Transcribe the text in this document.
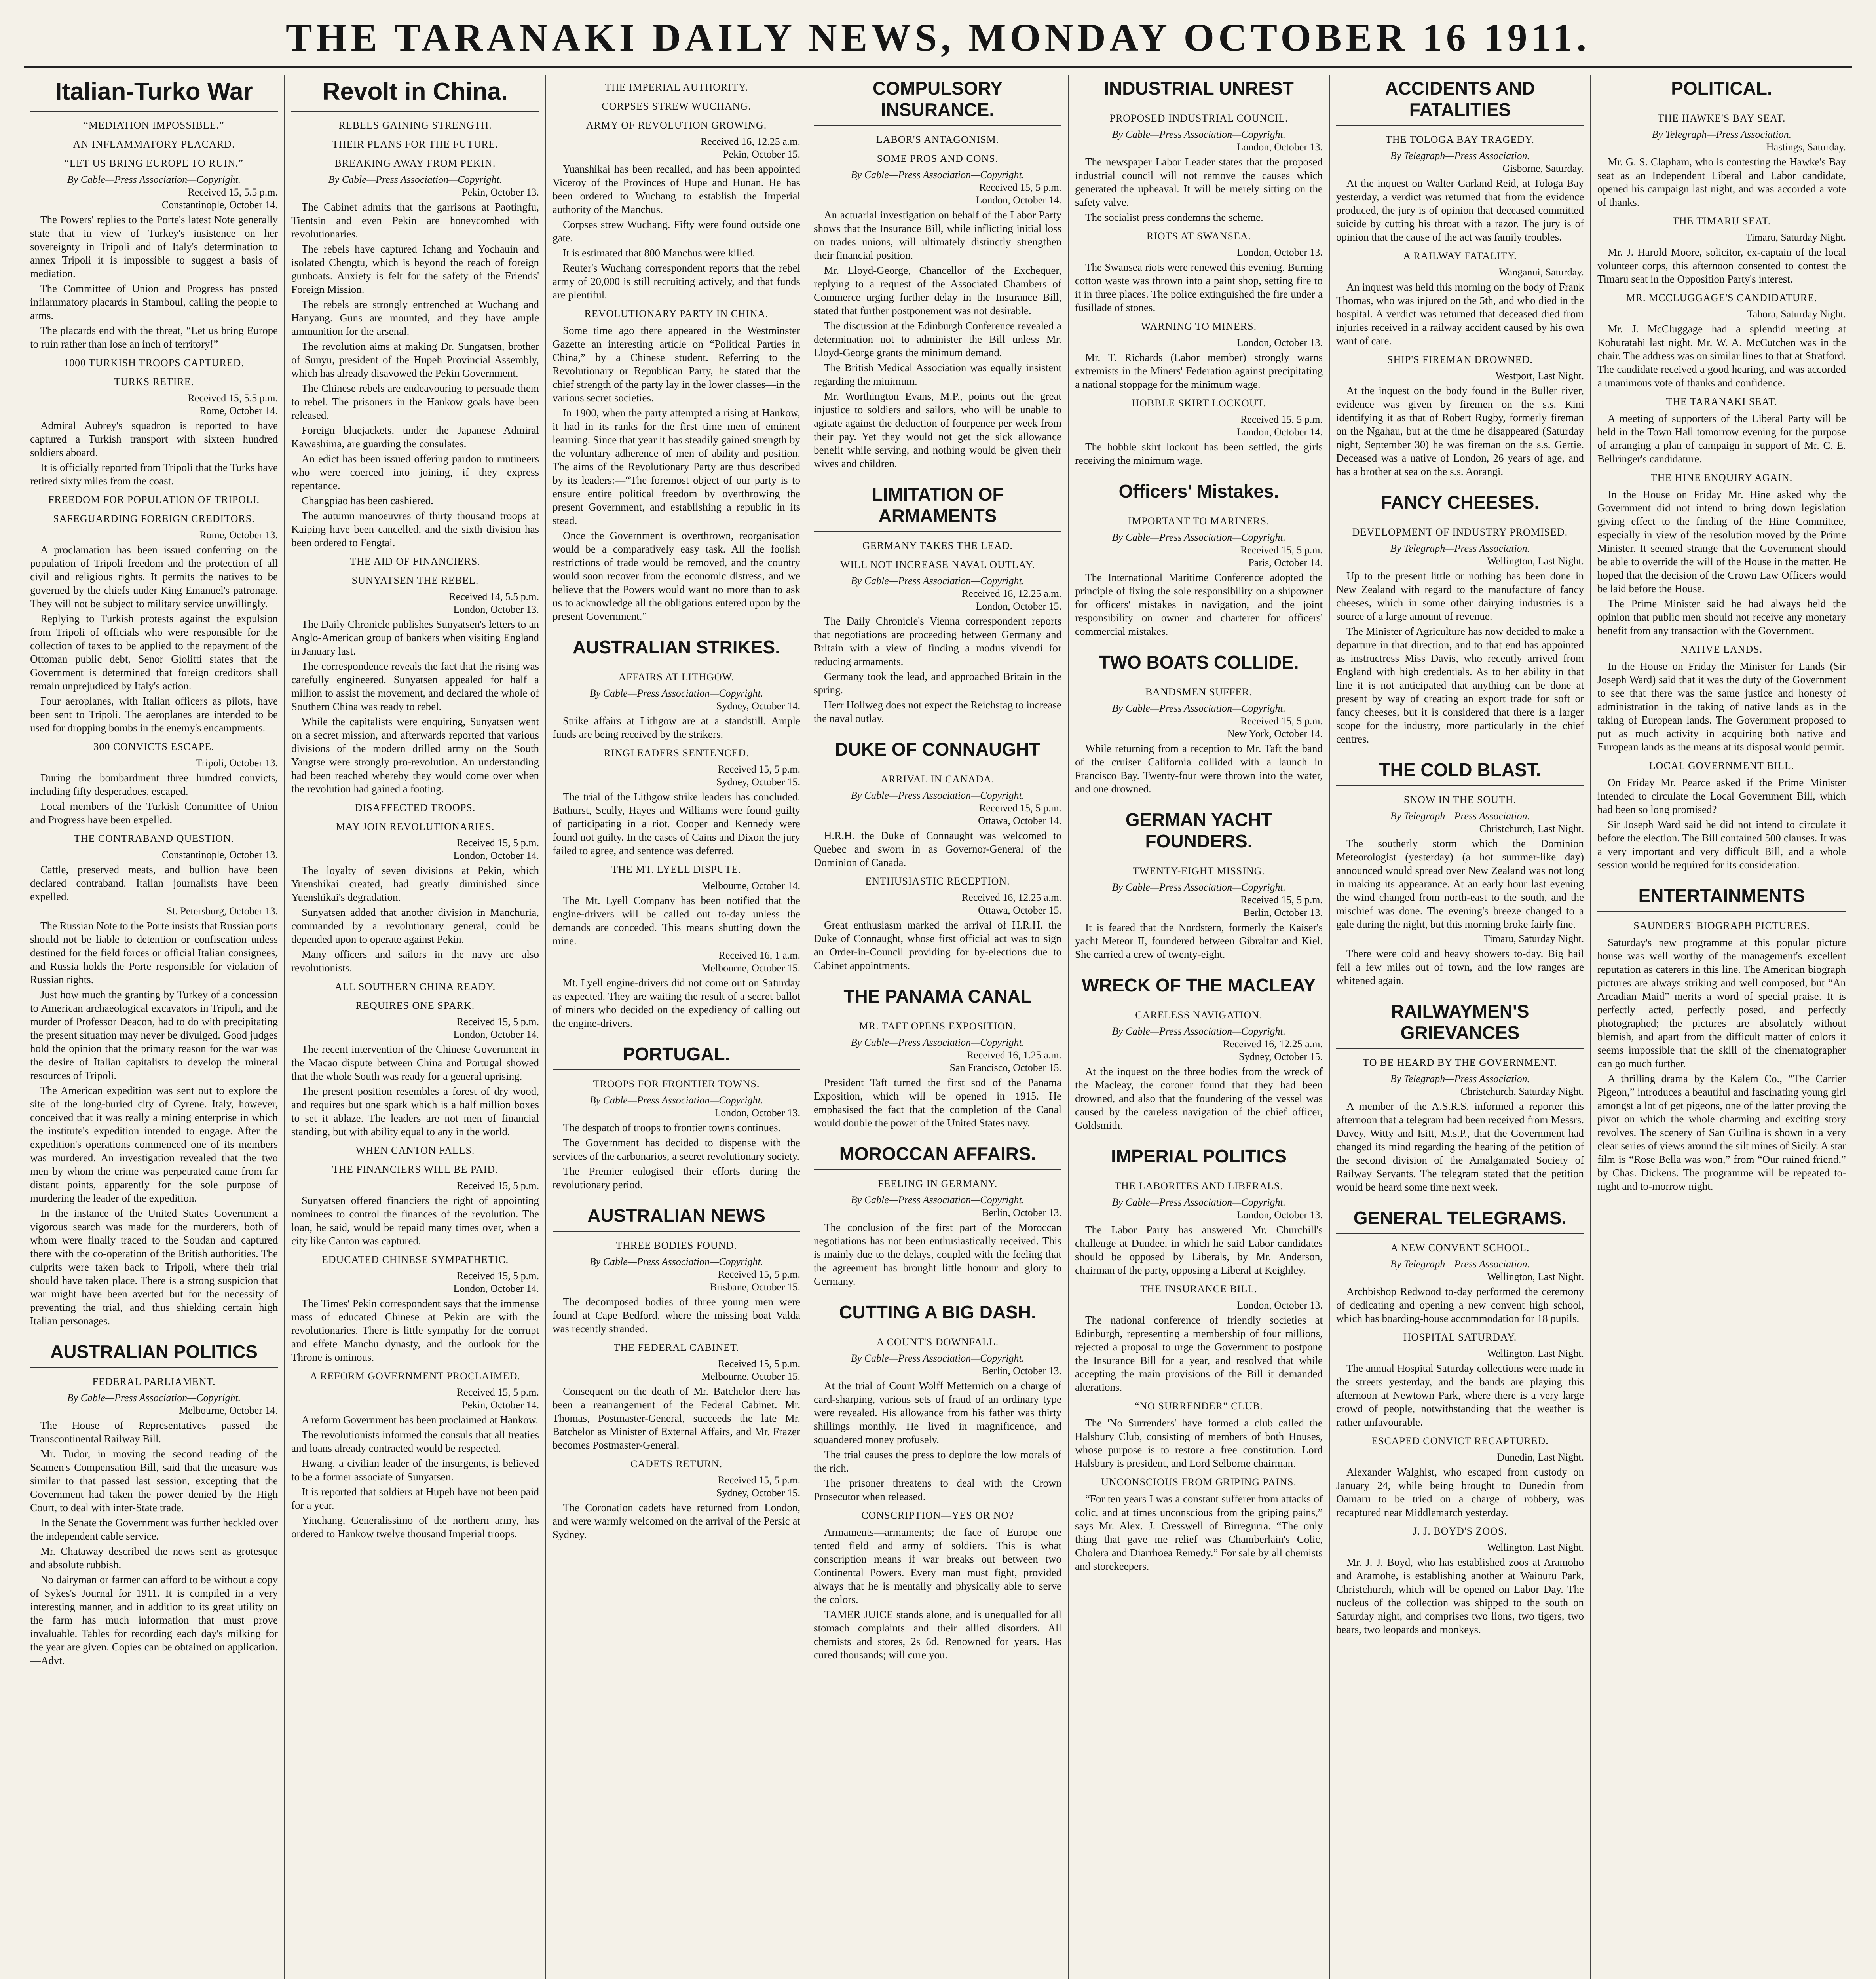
THE TARANAKI DAILY NEWS, MONDAY OCTOBER 16 1911.
Italian-Turko War
“MEDIATION IMPOSSIBLE.”
AN INFLAMMATORY PLACARD.
“LET US BRING EUROPE TO RUIN.”
By Cable—Press Association—Copyright.
Received 15, 5.5 p.m.
Constantinople, October 14.
The Powers' replies to the Porte's latest Note generally state that in view of Turkey's insistence on her sovereignty in Tripoli and of Italy's determination to annex Tripoli it is impossible to suggest a basis of mediation.
The Committee of Union and Progress has posted inflammatory placards in Stamboul, calling the people to arms.
The placards end with the threat, “Let us bring Europe to ruin rather than lose an inch of territory!”
1000 TURKISH TROOPS CAPTURED.
TURKS RETIRE.
Received 15, 5.5 p.m.
Rome, October 14.
Admiral Aubrey's squadron is reported to have captured a Turkish transport with sixteen hundred soldiers aboard.
It is officially reported from Tripoli that the Turks have retired sixty miles from the coast.
FREEDOM FOR POPULATION OF TRIPOLI.
SAFEGUARDING FOREIGN CREDITORS.
Rome, October 13.
A proclamation has been issued conferring on the population of Tripoli freedom and the protection of all civil and religious rights. It permits the natives to be governed by the chiefs under King Emanuel's patronage. They will not be subject to military service unwillingly.
Replying to Turkish protests against the expulsion from Tripoli of officials who were responsible for the collection of taxes to be applied to the repayment of the Ottoman public debt, Senor Giolitti states that the Government is determined that foreign creditors shall remain unprejudiced by Italy's action.
Four aeroplanes, with Italian officers as pilots, have been sent to Tripoli. The aeroplanes are intended to be used for dropping bombs in the enemy's encampments.
300 CONVICTS ESCAPE.
Tripoli, October 13.
During the bombardment three hundred convicts, including fifty desperadoes, escaped.
Local members of the Turkish Committee of Union and Progress have been expelled.
THE CONTRABAND QUESTION.
Constantinople, October 13.
Cattle, preserved meats, and bullion have been declared contraband. Italian journalists have been expelled.
St. Petersburg, October 13.
The Russian Note to the Porte insists that Russian ports should not be liable to detention or confiscation unless destined for the field forces or official Italian consignees, and Russia holds the Porte responsible for violation of Russian rights.
Just how much the granting by Turkey of a concession to American archaeological excavators in Tripoli, and the murder of Professor Deacon, had to do with precipitating the present situation may never be divulged. Good judges hold the opinion that the primary reason for the war was the desire of Italian capitalists to develop the mineral resources of Tripoli.
The American expedition was sent out to explore the site of the long-buried city of Cyrene. Italy, however, conceived that it was really a mining enterprise in which the institute's expedition intended to engage. After the expedition's operations commenced one of its members was murdered. An investigation revealed that the two men by whom the crime was perpetrated came from far distant points, apparently for the sole purpose of murdering the leader of the expedition.
In the instance of the United States Government a vigorous search was made for the murderers, both of whom were finally traced to the Soudan and captured there with the co-operation of the British authorities. The culprits were taken back to Tripoli, where their trial should have taken place. There is a strong suspicion that war might have been averted but for the necessity of preventing the trial, and thus shielding certain high Italian personages.
AUSTRALIAN POLITICS
FEDERAL PARLIAMENT.
By Cable—Press Association—Copyright.
Melbourne, October 14.
The House of Representatives passed the Transcontinental Railway Bill.
Mr. Tudor, in moving the second reading of the Seamen's Compensation Bill, said that the measure was similar to that passed last session, excepting that the Government had taken the power denied by the High Court, to deal with inter-State trade.
In the Senate the Government was further heckled over the independent cable service.
Mr. Chataway described the news sent as grotesque and absolute rubbish.
No dairyman or farmer can afford to be without a copy of Sykes's Journal for 1911. It is compiled in a very interesting manner, and in addition to its great utility on the farm has much information that must prove invaluable. Tables for recording each day's milking for the year are given. Copies can be obtained on application.—Advt.
Revolt in China.
REBELS GAINING STRENGTH.
THEIR PLANS FOR THE FUTURE.
BREAKING AWAY FROM PEKIN.
By Cable—Press Association—Copyright.
Pekin, October 13.
The Cabinet admits that the garrisons at Paotingfu, Tientsin and even Pekin are honeycombed with revolutionaries.
The rebels have captured Ichang and Yochauin and isolated Chengtu, which is beyond the reach of foreign gunboats. Anxiety is felt for the safety of the Friends' Foreign Mission.
The rebels are strongly entrenched at Wuchang and Hanyang. Guns are mounted, and they have ample ammunition for the arsenal.
The revolution aims at making Dr. Sungatsen, brother of Sunyu, president of the Hupeh Provincial Assembly, which has already disavowed the Pekin Government.
The Chinese rebels are endeavouring to persuade them to rebel. The prisoners in the Hankow goals have been released.
Foreign bluejackets, under the Japanese Admiral Kawashima, are guarding the consulates.
An edict has been issued offering pardon to mutineers who were coerced into joining, if they express repentance.
Changpiao has been cashiered.
The autumn manoeuvres of thirty thousand troops at Kaiping have been cancelled, and the sixth division has been ordered to Fengtai.
THE AID OF FINANCIERS.
SUNYATSEN THE REBEL.
Received 14, 5.5 p.m.
London, October 13.
The Daily Chronicle publishes Sunyatsen's letters to an Anglo-American group of bankers when visiting England in January last.
The correspondence reveals the fact that the rising was carefully engineered. Sunyatsen appealed for half a million to assist the movement, and declared the whole of Southern China was ready to rebel.
While the capitalists were enquiring, Sunyatsen went on a secret mission, and afterwards reported that various divisions of the modern drilled army on the South Yangtse were strongly pro-revolution. An understanding had been reached whereby they would come over when the revolution had gained a footing.
DISAFFECTED TROOPS.
MAY JOIN REVOLUTIONARIES.
Received 15, 5 p.m.
London, October 14.
The loyalty of seven divisions at Pekin, which Yuenshikai created, had greatly diminished since Yuenshikai's degradation.
Sunyatsen added that another division in Manchuria, commanded by a revolutionary general, could be depended upon to operate against Pekin.
Many officers and sailors in the navy are also revolutionists.
ALL SOUTHERN CHINA READY.
REQUIRES ONE SPARK.
Received 15, 5 p.m.
London, October 14.
The recent intervention of the Chinese Government in the Macao dispute between China and Portugal showed that the whole South was ready for a general uprising.
The present position resembles a forest of dry wood, and requires but one spark which is a half million boxes to set it ablaze. The leaders are not men of financial standing, but with ability equal to any in the world.
WHEN CANTON FALLS.
THE FINANCIERS WILL BE PAID.
Received 15, 5 p.m.
Sunyatsen offered financiers the right of appointing nominees to control the finances of the revolution. The loan, he said, would be repaid many times over, when a city like Canton was captured.
EDUCATED CHINESE SYMPATHETIC.
Received 15, 5 p.m.
London, October 14.
The Times' Pekin correspondent says that the immense mass of educated Chinese at Pekin are with the revolutionaries. There is little sympathy for the corrupt and effete Manchu dynasty, and the outlook for the Throne is ominous.
A REFORM GOVERNMENT PROCLAIMED.
Received 15, 5 p.m.
Pekin, October 14.
A reform Government has been proclaimed at Hankow.
The revolutionists informed the consuls that all treaties and loans already contracted would be respected.
Hwang, a civilian leader of the insurgents, is believed to be a former associate of Sunyatsen.
It is reported that soldiers at Hupeh have not been paid for a year.
Yinchang, Generalissimo of the northern army, has ordered to Hankow twelve thousand Imperial troops.
THE IMPERIAL AUTHORITY.
CORPSES STREW WUCHANG.
ARMY OF REVOLUTION GROWING.
Received 16, 12.25 a.m.
Pekin, October 15.
Yuanshikai has been recalled, and has been appointed Viceroy of the Provinces of Hupe and Hunan. He has been ordered to Wuchang to establish the Imperial authority of the Manchus.
Corpses strew Wuchang. Fifty were found outside one gate.
It is estimated that 800 Manchus were killed.
Reuter's Wuchang correspondent reports that the rebel army of 20,000 is still recruiting actively, and that funds are plentiful.
REVOLUTIONARY PARTY IN CHINA.
Some time ago there appeared in the Westminster Gazette an interesting article on “Political Parties in China,” by a Chinese student. Referring to the Revolutionary or Republican Party, he stated that the chief strength of the party lay in the lower classes—in the various secret societies.
In 1900, when the party attempted a rising at Hankow, it had in its ranks for the first time men of eminent learning. Since that year it has steadily gained strength by the voluntary adherence of men of ability and position. The aims of the Revolutionary Party are thus described by its leaders:—“The foremost object of our party is to ensure entire political freedom by overthrowing the present Government, and establishing a republic in its stead.
Once the Government is overthrown, reorganisation would be a comparatively easy task. All the foolish restrictions of trade would be removed, and the country would soon recover from the economic distress, and we believe that the Powers would want no more than to ask us to acknowledge all the obligations entered upon by the present Government.”
AUSTRALIAN STRIKES.
AFFAIRS AT LITHGOW.
By Cable—Press Association—Copyright.
Sydney, October 14.
Strike affairs at Lithgow are at a standstill. Ample funds are being received by the strikers.
RINGLEADERS SENTENCED.
Received 15, 5 p.m.
Sydney, October 15.
The trial of the Lithgow strike leaders has concluded. Bathurst, Scully, Hayes and Williams were found guilty of participating in a riot. Cooper and Kennedy were found not guilty. In the cases of Cains and Dixon the jury failed to agree, and sentence was deferred.
THE MT. LYELL DISPUTE.
Melbourne, October 14.
The Mt. Lyell Company has been notified that the engine-drivers will be called out to-day unless the demands are conceded. This means shutting down the mine.
Received 16, 1 a.m.
Melbourne, October 15.
Mt. Lyell engine-drivers did not come out on Saturday as expected. They are waiting the result of a secret ballot of miners who decided on the expediency of calling out the engine-drivers.
PORTUGAL.
TROOPS FOR FRONTIER TOWNS.
By Cable—Press Association—Copyright.
London, October 13.
The despatch of troops to frontier towns continues.
The Government has decided to dispense with the services of the carbonarios, a secret revolutionary society.
The Premier eulogised their efforts during the revolutionary period.
AUSTRALIAN NEWS
THREE BODIES FOUND.
By Cable—Press Association—Copyright.
Received 15, 5 p.m.
Brisbane, October 15.
The decomposed bodies of three young men were found at Cape Bedford, where the missing boat Valda was recently stranded.
THE FEDERAL CABINET.
Received 15, 5 p.m.
Melbourne, October 15.
Consequent on the death of Mr. Batchelor there has been a rearrangement of the Federal Cabinet. Mr. Thomas, Postmaster-General, succeeds the late Mr. Batchelor as Minister of External Affairs, and Mr. Frazer becomes Postmaster-General.
CADETS RETURN.
Received 15, 5 p.m.
Sydney, October 15.
The Coronation cadets have returned from London, and were warmly welcomed on the arrival of the Persic at Sydney.
COMPULSORY INSURANCE.
LABOR'S ANTAGONISM.
SOME PROS AND CONS.
By Cable—Press Association—Copyright.
Received 15, 5 p.m.
London, October 14.
An actuarial investigation on behalf of the Labor Party shows that the Insurance Bill, while inflicting initial loss on trades unions, will ultimately distinctly strengthen their financial position.
Mr. Lloyd-George, Chancellor of the Exchequer, replying to a request of the Associated Chambers of Commerce urging further delay in the Insurance Bill, stated that further postponement was not desirable.
The discussion at the Edinburgh Conference revealed a determination not to administer the Bill unless Mr. Lloyd-George grants the minimum demand.
The British Medical Association was equally insistent regarding the minimum.
Mr. Worthington Evans, M.P., points out the great injustice to soldiers and sailors, who will be unable to agitate against the deduction of fourpence per week from their pay. Yet they would not get the sick allowance benefit while serving, and nothing would be given their wives and children.
LIMITATION OF ARMAMENTS
GERMANY TAKES THE LEAD.
WILL NOT INCREASE NAVAL OUTLAY.
By Cable—Press Association—Copyright.
Received 16, 12.25 a.m.
London, October 15.
The Daily Chronicle's Vienna correspondent reports that negotiations are proceeding between Germany and Britain with a view of finding a modus vivendi for reducing armaments.
Germany took the lead, and approached Britain in the spring.
Herr Hollweg does not expect the Reichstag to increase the naval outlay.
DUKE OF CONNAUGHT
ARRIVAL IN CANADA.
By Cable—Press Association—Copyright.
Received 15, 5 p.m.
Ottawa, October 14.
H.R.H. the Duke of Connaught was welcomed to Quebec and sworn in as Governor-General of the Dominion of Canada.
ENTHUSIASTIC RECEPTION.
Received 16, 12.25 a.m.
Ottawa, October 15.
Great enthusiasm marked the arrival of H.R.H. the Duke of Connaught, whose first official act was to sign an Order-in-Council providing for by-elections due to Cabinet appointments.
THE PANAMA CANAL
MR. TAFT OPENS EXPOSITION.
By Cable—Press Association—Copyright.
Received 16, 1.25 a.m.
San Francisco, October 15.
President Taft turned the first sod of the Panama Exposition, which will be opened in 1915. He emphasised the fact that the completion of the Canal would double the power of the United States navy.
MOROCCAN AFFAIRS.
FEELING IN GERMANY.
By Cable—Press Association—Copyright.
Berlin, October 13.
The conclusion of the first part of the Moroccan negotiations has not been enthusiastically received. This is mainly due to the delays, coupled with the feeling that the agreement has brought little honour and glory to Germany.
CUTTING A BIG DASH.
A COUNT'S DOWNFALL.
By Cable—Press Association—Copyright.
Berlin, October 13.
At the trial of Count Wolff Metternich on a charge of card-sharping, various sets of fraud of an ordinary type were revealed. His allowance from his father was thirty shillings monthly. He lived in magnificence, and squandered money profusely.
The trial causes the press to deplore the low morals of the rich.
The prisoner threatens to deal with the Crown Prosecutor when released.
CONSCRIPTION—YES OR NO?
Armaments—armaments; the face of Europe one tented field and army of soldiers. This is what conscription means if war breaks out between two Continental Powers. Every man must fight, provided always that he is mentally and physically able to serve the colors.
TAMER JUICE stands alone, and is unequalled for all stomach complaints and their allied disorders. All chemists and stores, 2s 6d. Renowned for years. Has cured thousands; will cure you.
INDUSTRIAL UNREST
PROPOSED INDUSTRIAL COUNCIL.
By Cable—Press Association—Copyright.
London, October 13.
The newspaper Labor Leader states that the proposed industrial council will not remove the causes which generated the upheaval. It will be merely sitting on the safety valve.
The socialist press condemns the scheme.
RIOTS AT SWANSEA.
London, October 13.
The Swansea riots were renewed this evening. Burning cotton waste was thrown into a paint shop, setting fire to it in three places. The police extinguished the fire under a fusillade of stones.
WARNING TO MINERS.
London, October 13.
Mr. T. Richards (Labor member) strongly warns extremists in the Miners' Federation against precipitating a national stoppage for the minimum wage.
HOBBLE SKIRT LOCKOUT.
Received 15, 5 p.m.
London, October 14.
The hobble skirt lockout has been settled, the girls receiving the minimum wage.
Officers' Mistakes.
IMPORTANT TO MARINERS.
By Cable—Press Association—Copyright.
Received 15, 5 p.m.
Paris, October 14.
The International Maritime Conference adopted the principle of fixing the sole responsibility on a shipowner for officers' mistakes in navigation, and the joint responsibility on owner and charterer for officers' commercial mistakes.
TWO BOATS COLLIDE.
BANDSMEN SUFFER.
By Cable—Press Association—Copyright.
Received 15, 5 p.m.
New York, October 14.
While returning from a reception to Mr. Taft the band of the cruiser California collided with a launch in Francisco Bay. Twenty-four were thrown into the water, and one drowned.
GERMAN YACHT FOUNDERS.
TWENTY-EIGHT MISSING.
By Cable—Press Association—Copyright.
Received 15, 5 p.m.
Berlin, October 13.
It is feared that the Nordstern, formerly the Kaiser's yacht Meteor II, foundered between Gibraltar and Kiel. She carried a crew of twenty-eight.
WRECK OF THE MACLEAY
CARELESS NAVIGATION.
By Cable—Press Association—Copyright.
Received 16, 12.25 a.m.
Sydney, October 15.
At the inquest on the three bodies from the wreck of the Macleay, the coroner found that they had been drowned, and also that the foundering of the vessel was caused by the careless navigation of the chief officer, Goldsmith.
IMPERIAL POLITICS
THE LABORITES AND LIBERALS.
By Cable—Press Association—Copyright.
London, October 13.
The Labor Party has answered Mr. Churchill's challenge at Dundee, in which he said Labor candidates should be opposed by Liberals, by Mr. Anderson, chairman of the party, opposing a Liberal at Keighley.
THE INSURANCE BILL.
London, October 13.
The national conference of friendly societies at Edinburgh, representing a membership of four millions, rejected a proposal to urge the Government to postpone the Insurance Bill for a year, and resolved that while accepting the main provisions of the Bill it demanded alterations.
“NO SURRENDER” CLUB.
The 'No Surrenders' have formed a club called the Halsbury Club, consisting of members of both Houses, whose purpose is to restore a free constitution. Lord Halsbury is president, and Lord Selborne chairman.
UNCONSCIOUS FROM GRIPING PAINS.
“For ten years I was a constant sufferer from attacks of colic, and at times unconscious from the griping pains,” says Mr. Alex. J. Cresswell of Birregurra. “The only thing that gave me relief was Chamberlain's Colic, Cholera and Diarrhoea Remedy.” For sale by all chemists and storekeepers.
ACCIDENTS AND FATALITIES
THE TOLOGA BAY TRAGEDY.
By Telegraph—Press Association.
Gisborne, Saturday.
At the inquest on Walter Garland Reid, at Tologa Bay yesterday, a verdict was returned that from the evidence produced, the jury is of opinion that deceased committed suicide by cutting his throat with a razor. The jury is of opinion that the cause of the act was family troubles.
A RAILWAY FATALITY.
Wanganui, Saturday.
An inquest was held this morning on the body of Frank Thomas, who was injured on the 5th, and who died in the hospital. A verdict was returned that deceased died from injuries received in a railway accident caused by his own want of care.
SHIP'S FIREMAN DROWNED.
Westport, Last Night.
At the inquest on the body found in the Buller river, evidence was given by firemen on the s.s. Kini identifying it as that of Robert Rugby, formerly fireman on the Ngahau, but at the time he disappeared (Saturday night, September 30) he was fireman on the s.s. Gertie. Deceased was a native of London, 26 years of age, and has a brother at sea on the s.s. Aorangi.
FANCY CHEESES.
DEVELOPMENT OF INDUSTRY PROMISED.
By Telegraph—Press Association.
Wellington, Last Night.
Up to the present little or nothing has been done in New Zealand with regard to the manufacture of fancy cheeses, which in some other dairying industries is a source of a large amount of revenue.
The Minister of Agriculture has now decided to make a departure in that direction, and to that end has appointed as instructress Miss Davis, who recently arrived from England with high credentials. As to her ability in that line it is not anticipated that anything can be done at present by way of creating an export trade for soft or fancy cheeses, but it is considered that there is a larger scope for the industry, more particularly in the chief centres.
THE COLD BLAST.
SNOW IN THE SOUTH.
By Telegraph—Press Association.
Christchurch, Last Night.
The southerly storm which the Dominion Meteorologist (yesterday) (a hot summer-like day) announced would spread over New Zealand was not long in making its appearance. At an early hour last evening the wind changed from north-east to the south, and the mischief was done. The evening's breeze changed to a gale during the night, but this morning broke fairly fine.
Timaru, Saturday Night.
There were cold and heavy showers to-day. Big hail fell a few miles out of town, and the low ranges are whitened again.
RAILWAYMEN'S GRIEVANCES
TO BE HEARD BY THE GOVERNMENT.
By Telegraph—Press Association.
Christchurch, Saturday Night.
A member of the A.S.R.S. informed a reporter this afternoon that a telegram had been received from Messrs. Davey, Witty and Isitt, M.s.P., that the Government had changed its mind regarding the hearing of the petition of the second division of the Amalgamated Society of Railway Servants. The telegram stated that the petition would be heard some time next week.
GENERAL TELEGRAMS.
A NEW CONVENT SCHOOL.
By Telegraph—Press Association.
Wellington, Last Night.
Archbishop Redwood to-day performed the ceremony of dedicating and opening a new convent high school, which has boarding-house accommodation for 18 pupils.
HOSPITAL SATURDAY.
Wellington, Last Night.
The annual Hospital Saturday collections were made in the streets yesterday, and the bands are playing this afternoon at Newtown Park, where there is a very large crowd of people, notwithstanding that the weather is rather unfavourable.
ESCAPED CONVICT RECAPTURED.
Dunedin, Last Night.
Alexander Walghist, who escaped from custody on January 24, while being brought to Dunedin from Oamaru to be tried on a charge of robbery, was recaptured near Middlemarch yesterday.
J. J. BOYD'S ZOOS.
Wellington, Last Night.
Mr. J. J. Boyd, who has established zoos at Aramoho and Aramohe, is establishing another at Waiouru Park, Christchurch, which will be opened on Labor Day. The nucleus of the collection was shipped to the south on Saturday night, and comprises two lions, two tigers, two bears, two leopards and monkeys.
POLITICAL.
THE HAWKE'S BAY SEAT.
By Telegraph—Press Association.
Hastings, Saturday.
Mr. G. S. Clapham, who is contesting the Hawke's Bay seat as an Independent Liberal and Labor candidate, opened his campaign last night, and was accorded a vote of thanks.
THE TIMARU SEAT.
Timaru, Saturday Night.
Mr. J. Harold Moore, solicitor, ex-captain of the local volunteer corps, this afternoon consented to contest the Timaru seat in the Opposition Party's interest.
MR. MCCLUGGAGE'S CANDIDATURE.
Tahora, Saturday Night.
Mr. J. McCluggage had a splendid meeting at Kohuratahi last night. Mr. W. A. McCutchen was in the chair. The address was on similar lines to that at Stratford. The candidate received a good hearing, and was accorded a unanimous vote of thanks and confidence.
THE TARANAKI SEAT.
A meeting of supporters of the Liberal Party will be held in the Town Hall tomorrow evening for the purpose of arranging a plan of campaign in support of Mr. C. E. Bellringer's candidature.
THE HINE ENQUIRY AGAIN.
In the House on Friday Mr. Hine asked why the Government did not intend to bring down legislation giving effect to the finding of the Hine Committee, especially in view of the resolution moved by the Prime Minister. It seemed strange that the Government should be able to override the will of the House in the matter. He hoped that the decision of the Crown Law Officers would be laid before the House.
The Prime Minister said he had always held the opinion that public men should not receive any monetary benefit from any transaction with the Government.
NATIVE LANDS.
In the House on Friday the Minister for Lands (Sir Joseph Ward) said that it was the duty of the Government to see that there was the same justice and honesty of administration in the taking of native lands as in the taking of European lands. The Government proposed to put as much activity in acquiring both native and European lands as the means at its disposal would permit.
LOCAL GOVERNMENT BILL.
On Friday Mr. Pearce asked if the Prime Minister intended to circulate the Local Government Bill, which had been so long promised?
Sir Joseph Ward said he did not intend to circulate it before the election. The Bill contained 500 clauses. It was a very important and very difficult Bill, and a whole session would be required for its consideration.
ENTERTAINMENTS
SAUNDERS' BIOGRAPH PICTURES.
Saturday's new programme at this popular picture house was well worthy of the management's excellent reputation as caterers in this line. The American biograph pictures are always striking and well composed, but “An Arcadian Maid” merits a word of special praise. It is perfectly acted, perfectly posed, and perfectly photographed; the pictures are absolutely without blemish, and apart from the difficult matter of colors it seems impossible that the skill of the cinematographer can go much further.
A thrilling drama by the Kalem Co., “The Carrier Pigeon,” introduces a beautiful and fascinating young girl amongst a lot of get pigeons, one of the latter proving the pivot on which the whole charming and exciting story revolves. The scenery of San Guilina is shown in a very clear series of views around the silt mines of Sicily. A star film is “Rose Bella was won,” from “Our ruined friend,” by Chas. Dickens. The programme will be repeated to-night and to-morrow night.
